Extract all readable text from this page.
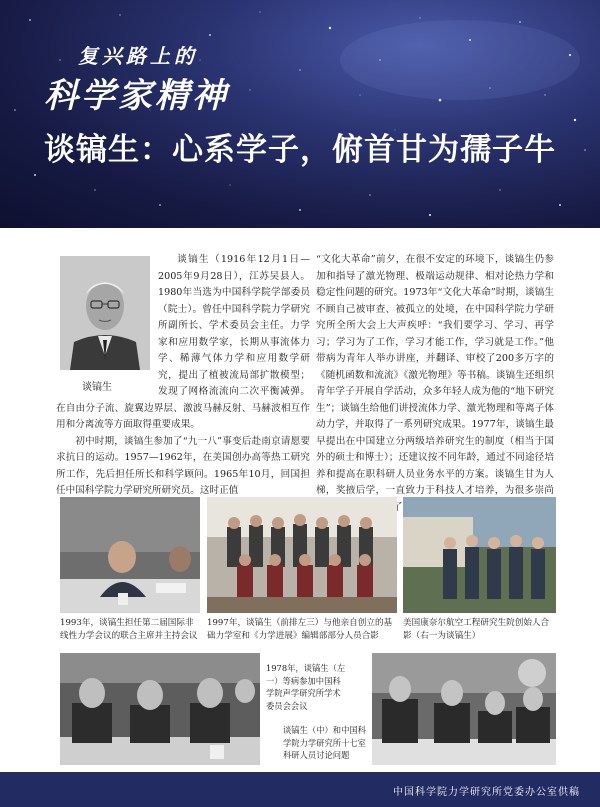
复兴路上的
科学家精神
谈镐生：心系学子，俯首甘为孺子牛
谈镐生

谈镐生（1916年12月1日—2005年9月28日），江苏吴县人。1980年当选为中国科学院学部委员（院士）。曾任中国科学院力学研究所副所长、学术委员会主任。力学家和应用数学家，长期从事流体力学、稀薄气体力学和应用数学研究，提出了植被流局部扩散模型；发现了网格流流向二次平衡减弹。在自由分子流、旋翼边界层、激波马赫反射、马赫波相互作用和分离流等方面取得重要成果。

初中时期，谈镐生参加了“九一八”事变后赴南京请愿要求抗日的运动。1957—1962年，在美国创办高等热工研究所工作，先后担任所长和科学顾问。1965年10月，回国担任中国科学院力学研究所研究员。这时正值

“文化大革命”前夕，在很不安定的环境下，谈镐生仍参加和指导了激光物理、极端运动规律、相对论热力学和稳定性问题的研究。1973年“文化大革命”时期，谈镐生不顾自己被审查、被孤立的处境，在中国科学院力学研究所全所大会上大声疾呼：“我们要学习、学习、再学习；学习为了工作，学习才能工作，学习就是工作。”他带病为青年人举办讲座，并翻译、审校了200多万字的《随机函数和流流》《激光物理》等书稿。谈镐生还组织青年学子开展自学活动，众多年轻人成为他的“地下研究生”；谈镐生给他们讲授流体力学、激光物理和等离子体动力学，并取得了一系列研究成果。1977年，谈镐生最早提出在中国建立分两级培养研究生的制度（相当于国外的硕士和博士）；还建议按不同年龄，通过不同途径培养和提高在职科研人员业务水平的方案。谈镐生甘为人梯，奖掖后学，一直致力于科技人才培养，为很多崇尚 了

1993年，谈镐生担任第二届国际非线性力学会议的联合主席并主持会议
1997年，谈镐生（前排左三）与他亲自创立的基础力学室和《力学进展》编辑部部分人员合影
美国康奈尔航空工程研究生院创始人合影（右一为谈镐生）
1978年，谈镐生（左一）等病参加中国科学院声学研究所学术委员会会议
谈镐生（中）和中国科学院力学研究所十七室科研人员讨论问题
中国科学院力学研究所党委办公室供稿
